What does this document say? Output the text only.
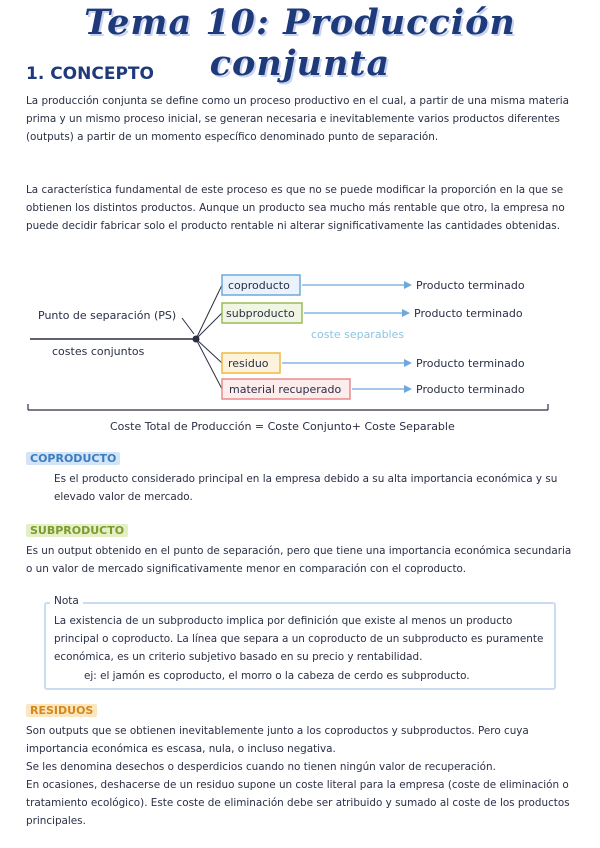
Tema 10: Producción conjunta
1. CONCEPTO

La producción conjunta se define como un proceso productivo en el cual, a partir de una misma materia prima y un mismo proceso inicial, se generan necesaria e inevitablemente varios productos diferentes (outputs) a partir de un momento específico denominado punto de separación.

La característica fundamental de este proceso es que no se puede modificar la proporción en la que se obtienen los distintos productos. Aunque un producto sea mucho más rentable que otro, la empresa no puede decidir fabricar solo el producto rentable ni alterar significativamente las cantidades obtenidas.

Punto de separación (PS)
costes conjuntos
coproducto
subproducto
residuo
material recuperado
Producto terminado
Producto terminado
Producto terminado
Producto terminado
coste separables
Coste Total de Producción = Coste Conjunto+ Coste Separable
COPRODUCTO

Es el producto considerado principal en la empresa debido a su alta importancia económica y su elevado valor de mercado.

SUBPRODUCTO

Es un output obtenido en el punto de separación, pero que tiene una importancia económica secundaria o un valor de mercado significativamente menor en comparación con el coproducto.

Nota

La existencia de un subproducto implica por definición que existe al menos un producto principal o coproducto. La línea que separa a un coproducto de un subproducto es puramente económica, es un criterio subjetivo basado en su precio y rentabilidad.

ej: el jamón es coproducto, el morro o la cabeza de cerdo es subproducto.

RESIDUOS

Son outputs que se obtienen inevitablemente junto a los coproductos y subproductos. Pero cuya importancia económica es escasa, nula, o incluso negativa.

Se les denomina desechos o desperdicios cuando no tienen ningún valor de recuperación.

En ocasiones, deshacerse de un residuo supone un coste literal para la empresa (coste de eliminación o tratamiento ecológico). Este coste de eliminación debe ser atribuido y sumado al coste de los productos principales.
